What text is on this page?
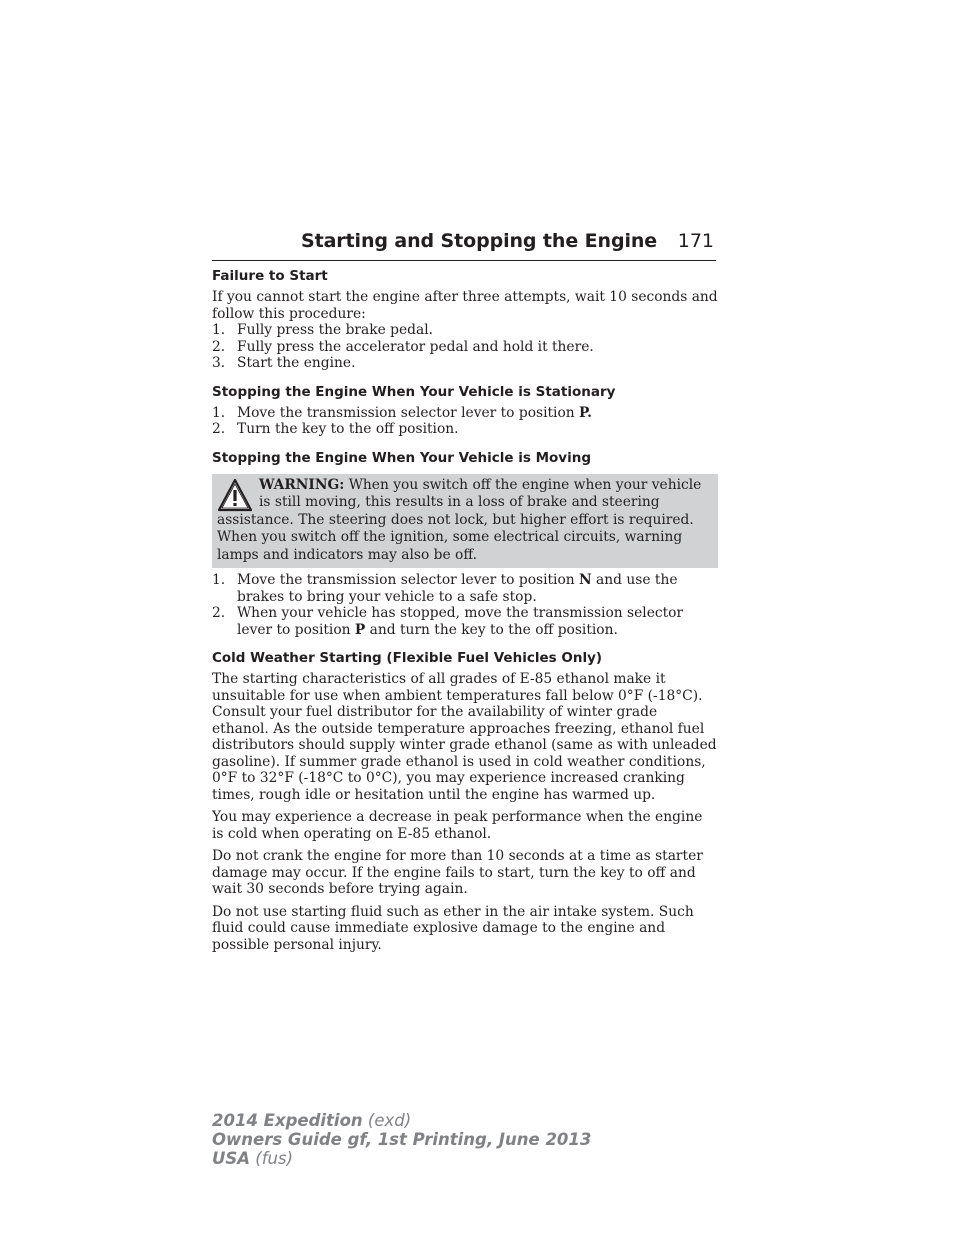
Starting and Stopping the Engine 171
Failure to Start

If you cannot start the engine after three attempts, wait 10 seconds and follow this procedure:

1. Fully press the brake pedal.
2. Fully press the accelerator pedal and hold it there.
3. Start the engine.
Stopping the Engine When Your Vehicle is Stationary
1. Move the transmission selector lever to position P.
2. Turn the key to the off position.
Stopping the Engine When Your Vehicle is Moving
WARNING: When you switch off the engine when your vehicle is still moving, this results in a loss of brake and steering assistance. The steering does not lock, but higher effort is required. When you switch off the ignition, some electrical circuits, warning lamps and indicators may also be off.
1. Move the transmission selector lever to position N and use the brakes to bring your vehicle to a safe stop.
2. When your vehicle has stopped, move the transmission selector lever to position P and turn the key to the off position.
Cold Weather Starting (Flexible Fuel Vehicles Only)

The starting characteristics of all grades of E-85 ethanol make it unsuitable for use when ambient temperatures fall below 0°F (-18°C). Consult your fuel distributor for the availability of winter grade ethanol. As the outside temperature approaches freezing, ethanol fuel distributors should supply winter grade ethanol (same as with unleaded gasoline). If summer grade ethanol is used in cold weather conditions, 0°F to 32°F (-18°C to 0°C), you may experience increased cranking times, rough idle or hesitation until the engine has warmed up.

You may experience a decrease in peak performance when the engine is cold when operating on E-85 ethanol.

Do not crank the engine for more than 10 seconds at a time as starter damage may occur. If the engine fails to start, turn the key to off and wait 30 seconds before trying again.

Do not use starting fluid such as ether in the air intake system. Such fluid could cause immediate explosive damage to the engine and possible personal injury.

2014 Expedition (exd)
Owners Guide gf, 1st Printing, June 2013
USA (fus)
